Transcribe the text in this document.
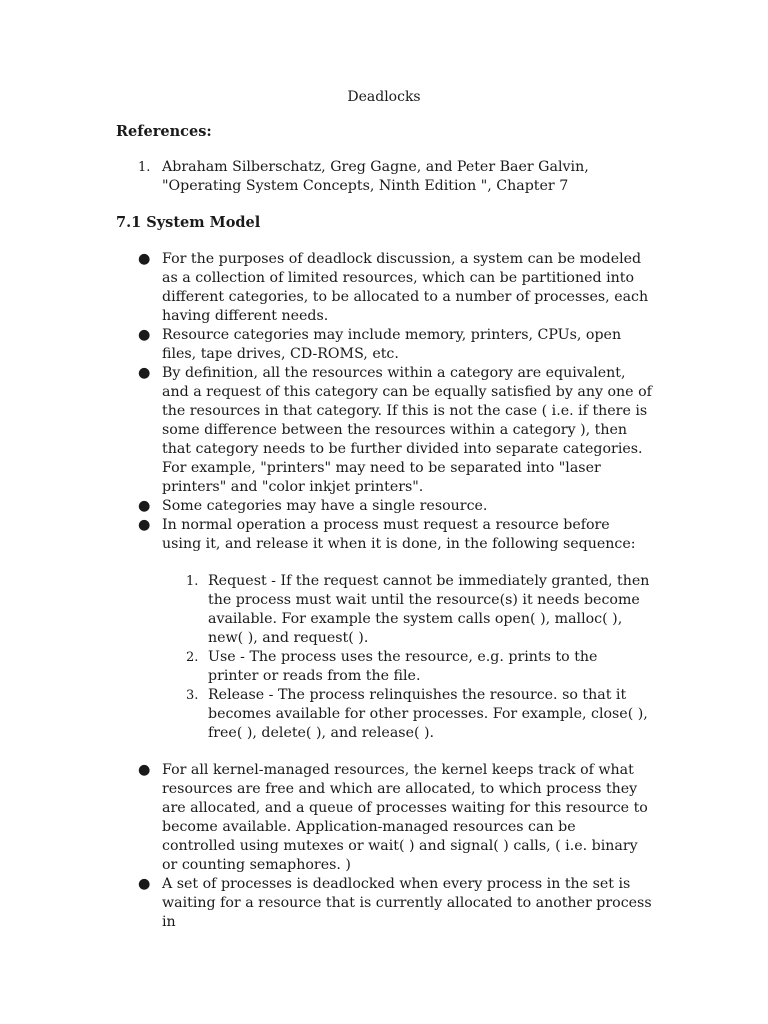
Deadlocks
References:
1. Abraham Silberschatz, Greg Gagne, and Peter Baer Galvin, "Operating System Concepts, Ninth Edition ", Chapter 7
7.1 System Model
● For the purposes of deadlock discussion, a system can be modeled as a collection of limited resources, which can be partitioned into different categories, to be allocated to a number of processes, each having different needs.
● Resource categories may include memory, printers, CPUs, open files, tape drives, CD-ROMS, etc.
● By definition, all the resources within a category are equivalent, and a request of this category can be equally satisfied by any one of the resources in that category. If this is not the case ( i.e. if there is some difference between the resources within a category ), then that category needs to be further divided into separate categories. For example, "printers" may need to be separated into "laser printers" and "color inkjet printers".
● Some categories may have a single resource.
● In normal operation a process must request a resource before using it, and release it when it is done, in the following sequence:
1. Request - If the request cannot be immediately granted, then the process must wait until the resource(s) it needs become available. For example the system calls open( ), malloc( ), new( ), and request( ).
2. Use - The process uses the resource, e.g. prints to the printer or reads from the file.
3. Release - The process relinquishes the resource. so that it becomes available for other processes. For example, close( ), free( ), delete( ), and release( ).
● For all kernel-managed resources, the kernel keeps track of what resources are free and which are allocated, to which process they are allocated, and a queue of processes waiting for this resource to become available. Application-managed resources can be controlled using mutexes or wait( ) and signal( ) calls, ( i.e. binary or counting semaphores. )
● A set of processes is deadlocked when every process in the set is waiting for a resource that is currently allocated to another process in
